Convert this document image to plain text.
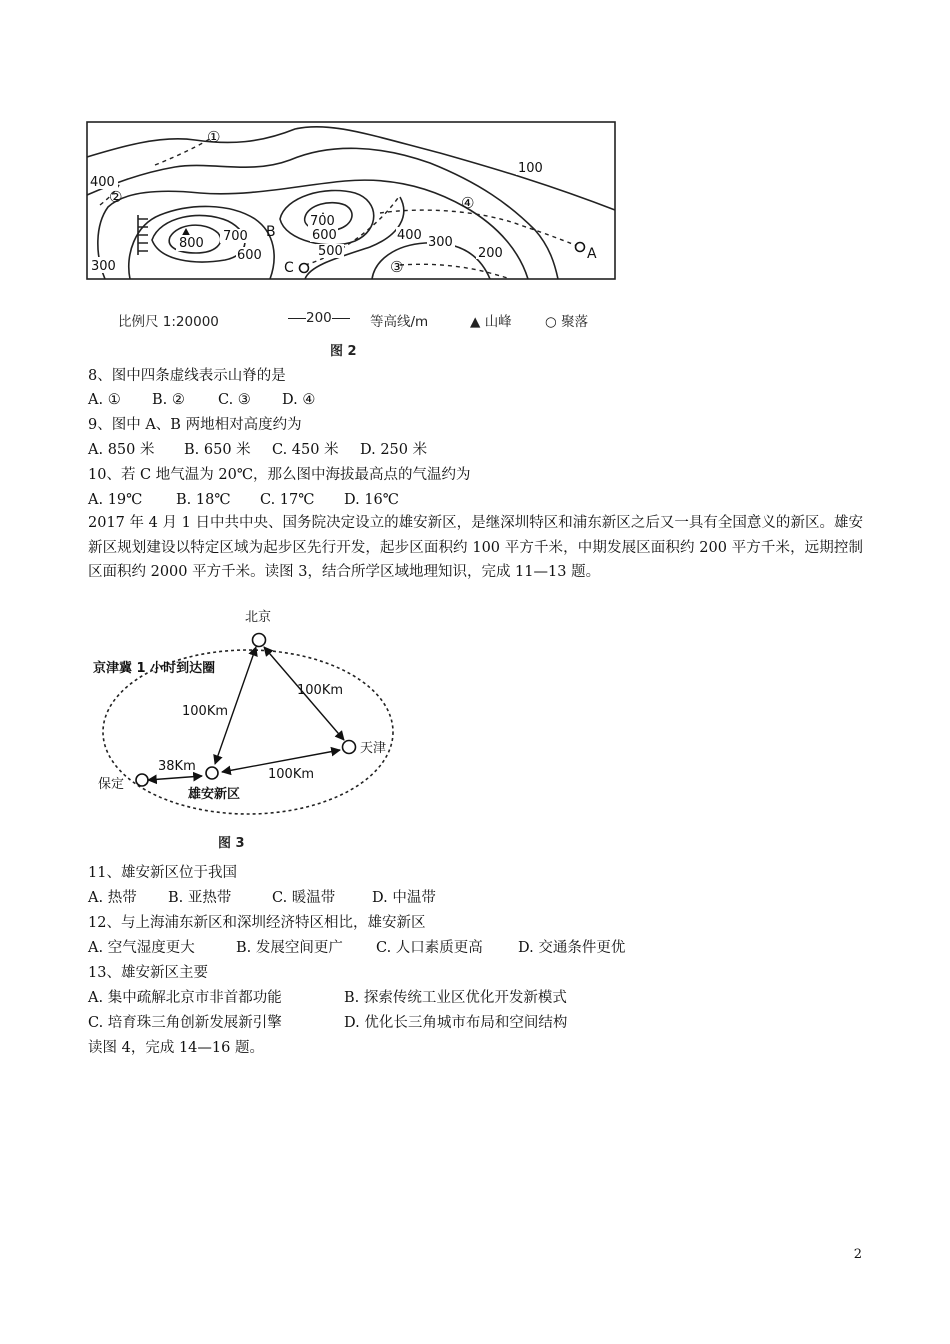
100
400
300
700
800
600
700
600
500
400 300
200
①
②
③
④
A
B
C
比例尺 1:20000	200	等高线/m	▲ 山峰 ○ 聚落
图 2
8、图中四条虚线表示山脊的是
A. ① B. ② C. ③ D. ④
9、图中 A、B 两地相对高度约为
A. 850 米 B. 650 米 C. 450 米 D. 250 米
10、若 C 地气温为 20℃，那么图中海拔最高点的气温约为
A. 19℃ B. 18℃ C. 17℃ D. 16℃
2017 年 4 月 1 日中共中央、国务院决定设立的雄安新区，是继深圳特区和浦东新区之后又一具有全国意义的新区。雄安新区规划建设以特定区域为起步区先行开发，起步区面积约 100 平方千米，中期发展区面积约 200 平方千米，远期控制区面积约 2000 平方千米。读图 3，结合所学区域地理知识，完成 11—13 题。
北京
天津
保定
雄安新区
京津冀 1 小时到达圈
100Km
100Km
100Km
38Km
图 3
11、雄安新区位于我国
A. 热带 B. 亚热带	C. 暖温带	D. 中温带
12、与上海浦东新区和深圳经济特区相比，雄安新区
A. 空气湿度更大	B. 发展空间更广 C. 人口素质更高 D. 交通条件更优
13、雄安新区主要
A. 集中疏解北京市非首都功能	B. 探索传统工业区优化开发新模式
C. 培育珠三角创新发展新引擎	D. 优化长三角城市布局和空间结构
读图 4，完成 14—16 题。
2
